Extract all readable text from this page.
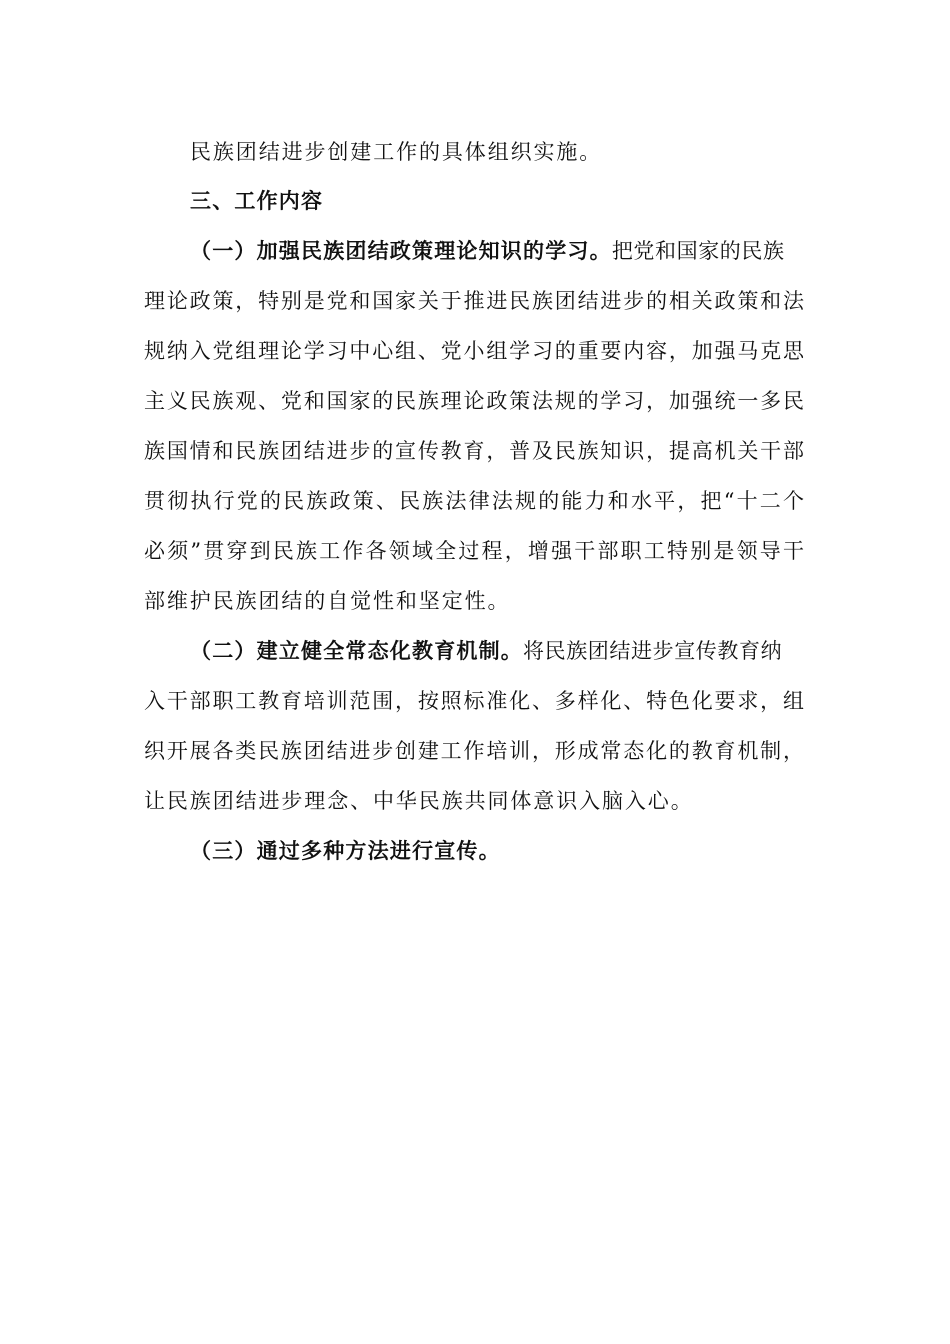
民族团结进步创建工作的具体组织实施。
三、工作内容
（一）加强民族团结政策理论知识的学习。把党和国家的民族
理论政策，特别是党和国家关于推进民族团结进步的相关政策和法
规纳入党组理论学习中心组、党小组学习的重要内容，加强马克思
主义民族观、党和国家的民族理论政策法规的学习，加强统一多民
族国情和民族团结进步的宣传教育，普及民族知识，提高机关干部
贯彻执行党的民族政策、民族法律法规的能力和水平，把“十二个
必须”贯穿到民族工作各领域全过程，增强干部职工特别是领导干
部维护民族团结的自觉性和坚定性。
（二）建立健全常态化教育机制。将民族团结进步宣传教育纳
入干部职工教育培训范围，按照标准化、多样化、特色化要求，组
织开展各类民族团结进步创建工作培训，形成常态化的教育机制，
让民族团结进步理念、中华民族共同体意识入脑入心。
（三）通过多种方法进行宣传。
